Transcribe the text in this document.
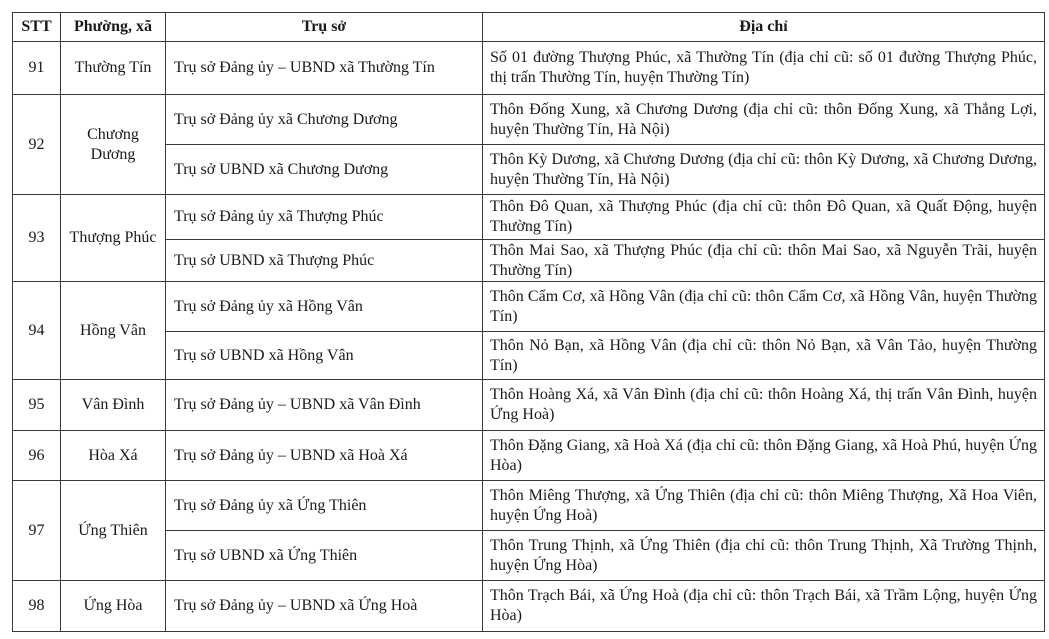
STT	Phường, xã	Trụ sở	Địa chỉ
91	Thường Tín	Trụ sở Đảng ủy – UBND xã Thường Tín	Số 01 đường Thượng Phúc, xã Thường Tín (địa chỉ cũ: số 01 đường Thượng Phúc, thị trấn Thường Tín, huyện Thường Tín)
92	Chương Dương	Trụ sở Đảng ủy xã Chương Dương	Thôn Đống Xung, xã Chương Dương (địa chỉ cũ: thôn Đống Xung, xã Thắng Lợi, huyện Thường Tín, Hà Nội)
		Trụ sở UBND xã Chương Dương	Thôn Kỳ Dương, xã Chương Dương (địa chỉ cũ: thôn Kỳ Dương, xã Chương Dương, huyện Thường Tín, Hà Nội)
93	Thượng Phúc	Trụ sở Đảng ủy xã Thượng Phúc	Thôn Đô Quan, xã Thượng Phúc (địa chỉ cũ: thôn Đô Quan, xã Quất Động, huyện Thường Tín)
		Trụ sở UBND xã Thượng Phúc	Thôn Mai Sao, xã Thượng Phúc (địa chỉ cũ: thôn Mai Sao, xã Nguyễn Trãi, huyện Thường Tín)
94	Hồng Vân	Trụ sở Đảng ủy xã Hồng Vân	Thôn Cẩm Cơ, xã Hồng Vân (địa chỉ cũ: thôn Cẩm Cơ, xã Hồng Vân, huyện Thường Tín)
		Trụ sở UBND xã Hồng Vân	Thôn Nỏ Bạn, xã Hồng Vân (địa chỉ cũ: thôn Nỏ Bạn, xã Vân Tảo, huyện Thường Tín)
95	Vân Đình	Trụ sở Đảng ủy – UBND xã Vân Đình	Thôn Hoàng Xá, xã Vân Đình (địa chỉ cũ: thôn Hoàng Xá, thị trấn Vân Đình, huyện Ứng Hoà)
96	Hòa Xá	Trụ sở Đảng ủy – UBND xã Hoà Xá	Thôn Đặng Giang, xã Hoà Xá (địa chỉ cũ: thôn Đặng Giang, xã Hoà Phú, huyện Ứng Hòa)
97	Ứng Thiên	Trụ sở Đảng ủy xã Ứng Thiên	Thôn Miêng Thượng, xã Ứng Thiên (địa chỉ cũ: thôn Miêng Thượng, Xã Hoa Viên, huyện Ứng Hoà)
		Trụ sở UBND xã Ứng Thiên	Thôn Trung Thịnh, xã Ứng Thiên (địa chỉ cũ: thôn Trung Thịnh, Xã Trường Thịnh, huyện Ứng Hòa)
98	Ứng Hòa	Trụ sở Đảng ủy – UBND xã Ứng Hoà	Thôn Trạch Bái, xã Ứng Hoà (địa chỉ cũ: thôn Trạch Bái, xã Trầm Lộng, huyện Ứng Hòa)
